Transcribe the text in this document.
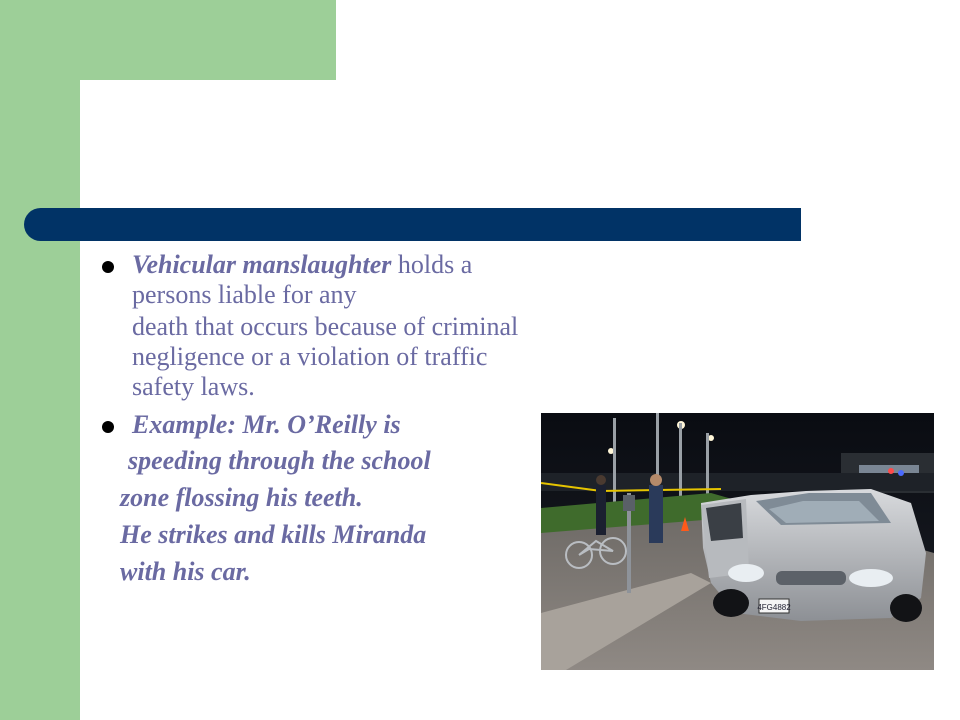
Vehicular manslaughter holds a
persons liable for any
death that occurs because of criminal
negligence or a violation of traffic
safety laws.
Example: Mr. O’Reilly is
speeding through the school
zone flossing his teeth.
He strikes and kills Miranda
with his car.
4FG4882
